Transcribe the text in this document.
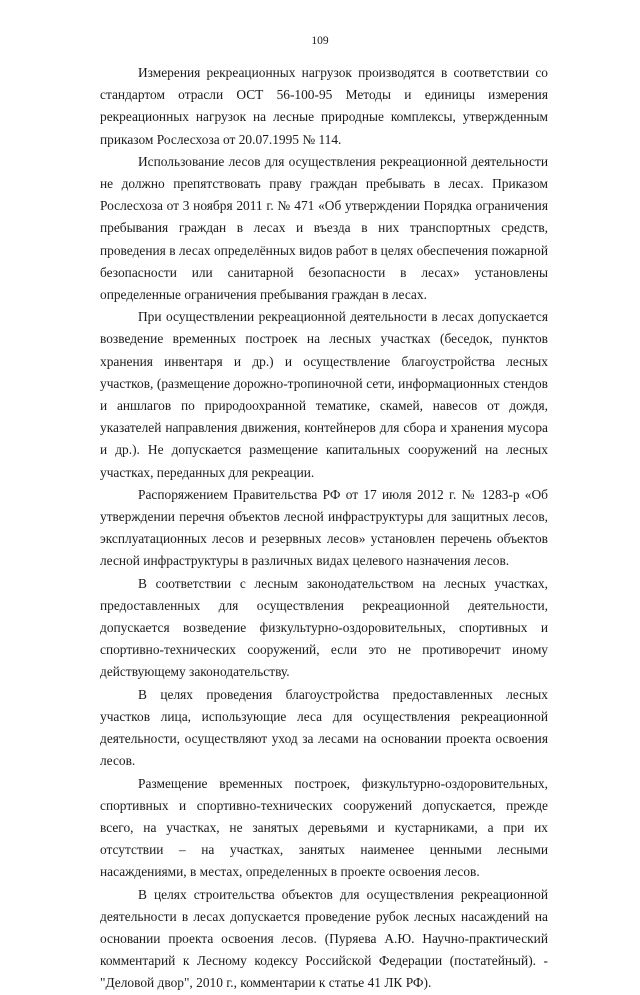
109

Измерения рекреационных нагрузок производятся в соответствии со стандартом отрасли ОСТ 56-100-95 Методы и единицы измерения рекреационных нагрузок на лесные природные комплексы, утвержденным приказом Рослесхоза от 20.07.1995 № 114.

Использование лесов для осуществления рекреационной деятельности не должно препятствовать праву граждан пребывать в лесах. Приказом Рослесхоза от 3 ноября 2011 г. № 471 «Об утверждении Порядка ограничения пребывания граждан в лесах и въезда в них транспортных средств, проведения в лесах определённых видов работ в целях обеспечения пожарной безопасности или санитарной безопасности в лесах» установлены определенные ограничения пребывания граждан в лесах.

При осуществлении рекреационной деятельности в лесах допускается возведение временных построек на лесных участках (беседок, пунктов хранения инвентаря и др.) и осуществление благоустройства лесных участков, (размещение дорожно-тропиночной сети, информационных стендов и аншлагов по природоохранной тематике, скамей, навесов от дождя, указателей направления движения, контейнеров для сбора и хранения мусора и др.). Не допускается размещение капитальных сооружений на лесных участках, переданных для рекреации.

Распоряжением Правительства РФ от 17 июля 2012 г. № 1283-р «Об утверждении перечня объектов лесной инфраструктуры для защитных лесов, эксплуатационных лесов и резервных лесов» установлен перечень объектов лесной инфраструктуры в различных видах целевого назначения лесов.

В соответствии с лесным законодательством на лесных участках, предоставленных для осуществления рекреационной деятельности, допускается возведение физкультурно-оздоровительных, спортивных и спортивно-технических сооружений, если это не противоречит иному действующему законодательству.

В целях проведения благоустройства предоставленных лесных участков лица, использующие леса для осуществления рекреационной деятельности, осуществляют уход за лесами на основании проекта освоения лесов.

Размещение временных построек, физкультурно-оздоровительных, спортивных и спортивно-технических сооружений допускается, прежде всего, на участках, не занятых деревьями и кустарниками, а при их отсутствии – на участках, занятых наименее ценными лесными насаждениями, в местах, определенных в проекте освоения лесов.

В целях строительства объектов для осуществления рекреационной деятельности в лесах допускается проведение рубок лесных насаждений на основании проекта освоения лесов. (Пуряева А.Ю. Научно-практический комментарий к Лесному кодексу Российской Федерации (постатейный). - "Деловой двор", 2010 г., комментарии к статье 41 ЛК РФ).
